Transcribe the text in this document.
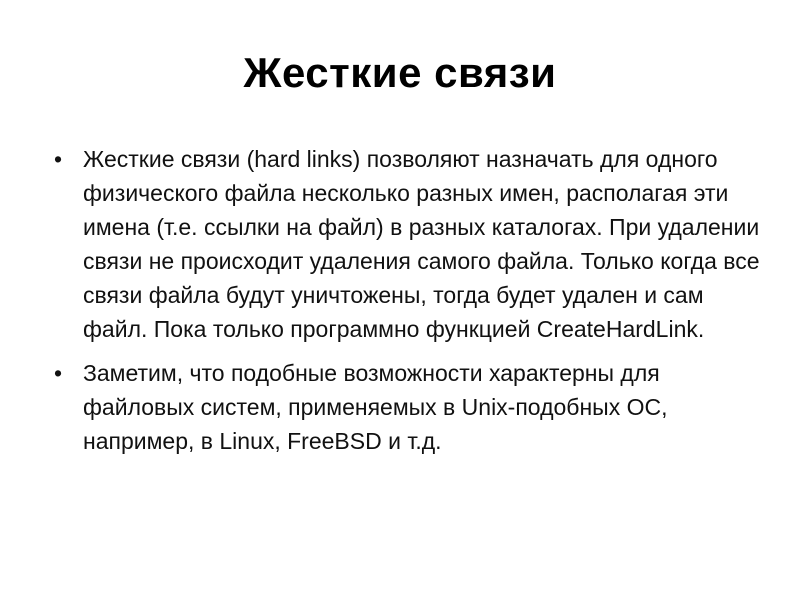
Жесткие связи
• Жесткие связи (hard links) позволяют назначать для одного физического файла несколько разных имен, располагая эти имена (т.е. ссылки на файл) в разных каталогах. При удалении связи не происходит удаления самого файла. Только когда все связи файла будут уничтожены, тогда будет удален и сам файл. Пока только программно функцией CreateHardLink.
• Заметим, что подобные возможности характерны для файловых систем, применяемых в Unix-подобных ОС, например, в Linux, FreeBSD и т.д.
